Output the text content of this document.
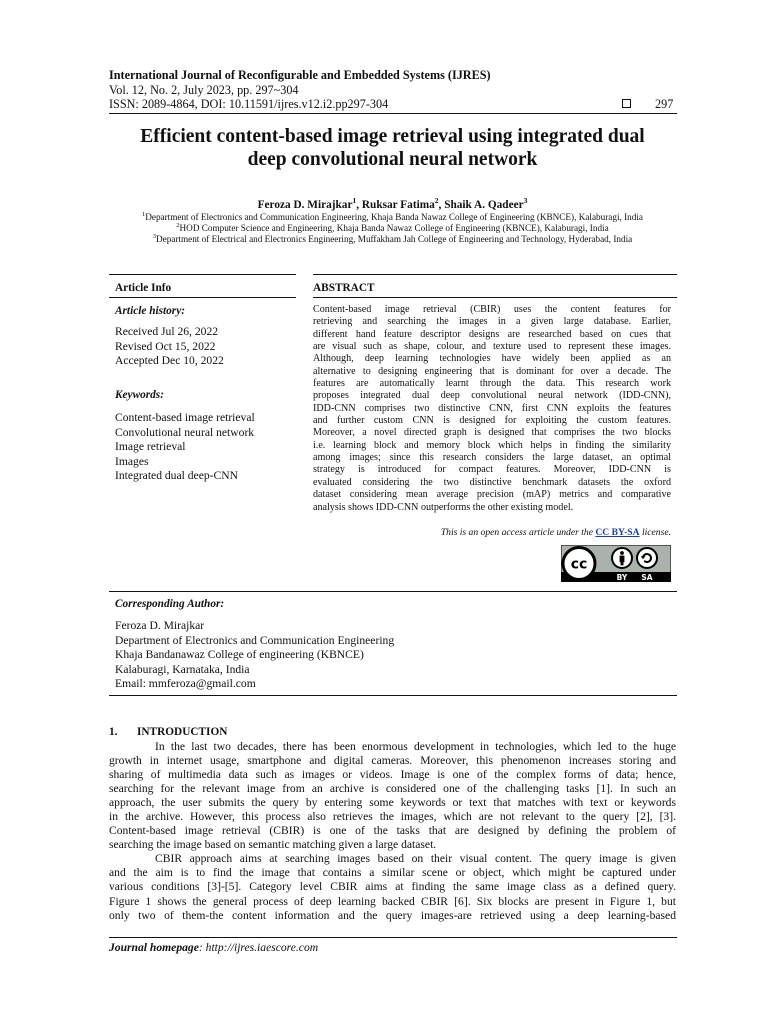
International Journal of Reconfigurable and Embedded Systems (IJRES)
Vol. 12, No. 2, July 2023, pp. 297~304
ISSN: 2089-4864, DOI: 10.11591/ijres.v12.i2.pp297-304	297
Efficient content-based image retrieval using integrated dual
deep convolutional neural network
Feroza D. Mirajkar$^1$, Ruksar Fatima$^2$, Shaik A. Qadeer$^3$
$^1$Department of Electronics and Communication Engineering, Khaja Banda Nawaz College of Engineering (KBNCE), Kalaburagi, India
$^2$HOD Computer Science and Engineering, Khaja Banda Nawaz College of Engineering (KBNCE), Kalaburagi, India
$^3$Department of Electrical and Electronics Engineering, Muffakham Jah College of Engineering and Technology, Hyderabad, India
Article Info
Article history:
Received Jul 26, 2022
Revised Oct 15, 2022
Accepted Dec 10, 2022
Keywords:
Content-based image retrieval
Convolutional neural network
Image retrieval
Images
Integrated dual deep-CNN
ABSTRACT
Content-based image retrieval (CBIR) uses the content features for
retrieving and searching the images in a given large database. Earlier,
different hand feature descriptor designs are researched based on cues that
are visual such as shape, colour, and texture used to represent these images.
Although, deep learning technologies have widely been applied as an
alternative to designing engineering that is dominant for over a decade. The
features are automatically learnt through the data. This research work
proposes integrated dual deep convolutional neural network (IDD-CNN),
IDD-CNN comprises two distinctive CNN, first CNN exploits the features
and further custom CNN is designed for exploiting the custom features.
Moreover, a novel directed graph is designed that comprises the two blocks
i.e. learning block and memory block which helps in finding the similarity
among images; since this research considers the large dataset, an optimal
strategy is introduced for compact features. Moreover, IDD-CNN is
evaluated considering the two distinctive benchmark datasets the oxford
dataset considering mean average precision (mAP) metrics and comparative
analysis shows IDD-CNN outperforms the other existing model.
This is an open access article under the CC BY-SA license.
cc
BY SA
Corresponding Author:
Feroza D. Mirajkar
Department of Electronics and Communication Engineering
Khaja Bandanawaz College of engineering (KBNCE)
Kalaburagi, Karnataka, India
Email: mmferoza@gmail.com
1. INTRODUCTION
In the last two decades, there has been enormous development in technologies, which led to the huge
growth in internet usage, smartphone and digital cameras. Moreover, this phenomenon increases storing and
sharing of multimedia data such as images or videos. Image is one of the complex forms of data; hence,
searching for the relevant image from an archive is considered one of the challenging tasks [1]. In such an
approach, the user submits the query by entering some keywords or text that matches with text or keywords
in the archive. However, this process also retrieves the images, which are not relevant to the query [2], [3].
Content-based image retrieval (CBIR) is one of the tasks that are designed by defining the problem of
searching the image based on semantic matching given a large dataset.
CBIR approach aims at searching images based on their visual content. The query image is given
and the aim is to find the image that contains a similar scene or object, which might be captured under
various conditions [3]-[5]. Category level CBIR aims at finding the same image class as a defined query.
Figure 1 shows the general process of deep learning backed CBIR [6]. Six blocks are present in Figure 1, but
only two of them-the content information and the query images-are retrieved using a deep learning-based
Journal homepage: http://ijres.iaescore.com
